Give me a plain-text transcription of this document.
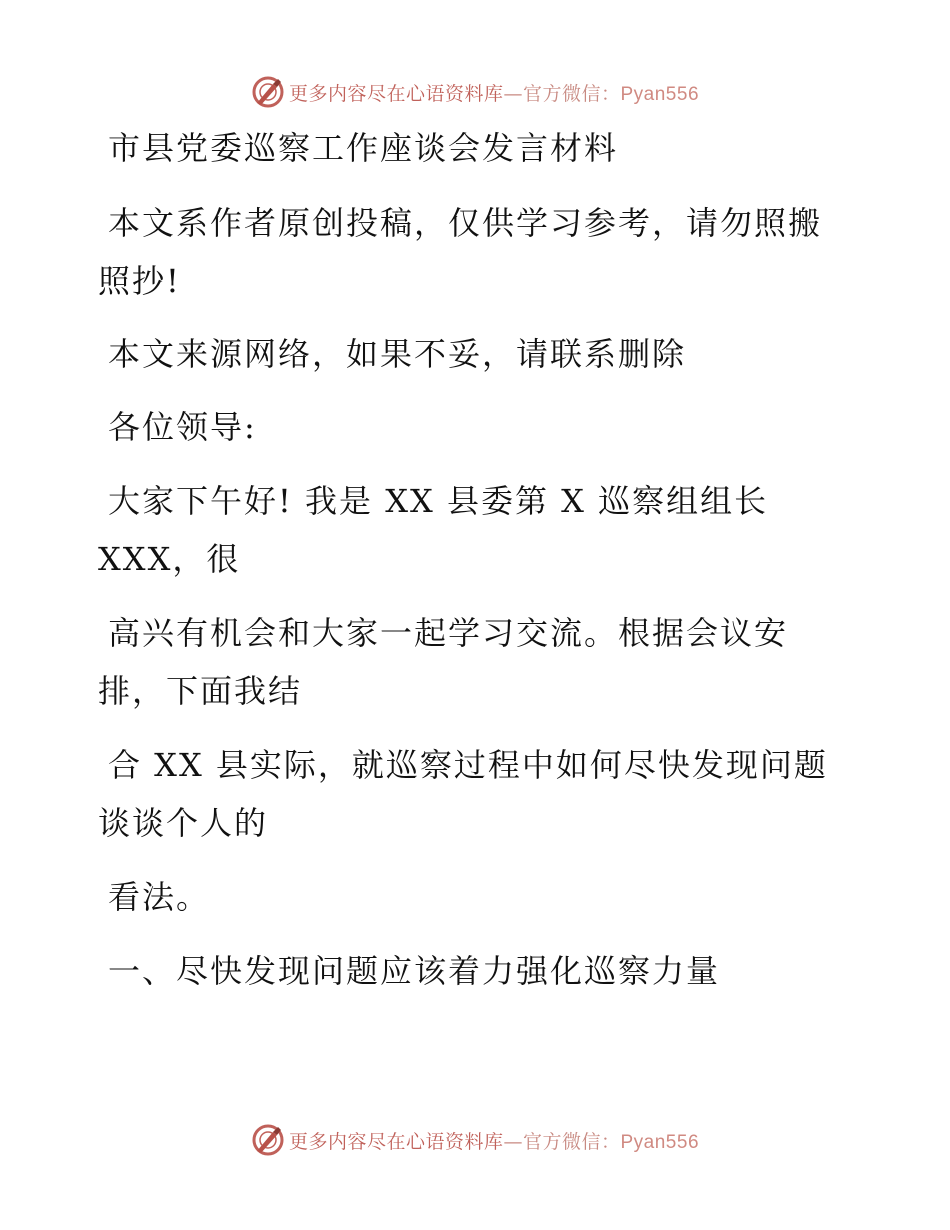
更多内容尽在心语资料库—官方微信：Pyan556
市县党委巡察工作座谈会发言材料
本文系作者原创投稿，仅供学习参考，请勿照搬
照抄!
本文来源网络，如果不妥，请联系删除
各位领导:
大家下午好! 我是 XX 县委第 X 巡察组组长
XXX，很
高兴有机会和大家一起学习交流。根据会议安
排，下面我结
合 XX 县实际，就巡察过程中如何尽快发现问题
谈谈个人的
看法。
一、尽快发现问题应该着力强化巡察力量
更多内容尽在心语资料库—官方微信：Pyan556
